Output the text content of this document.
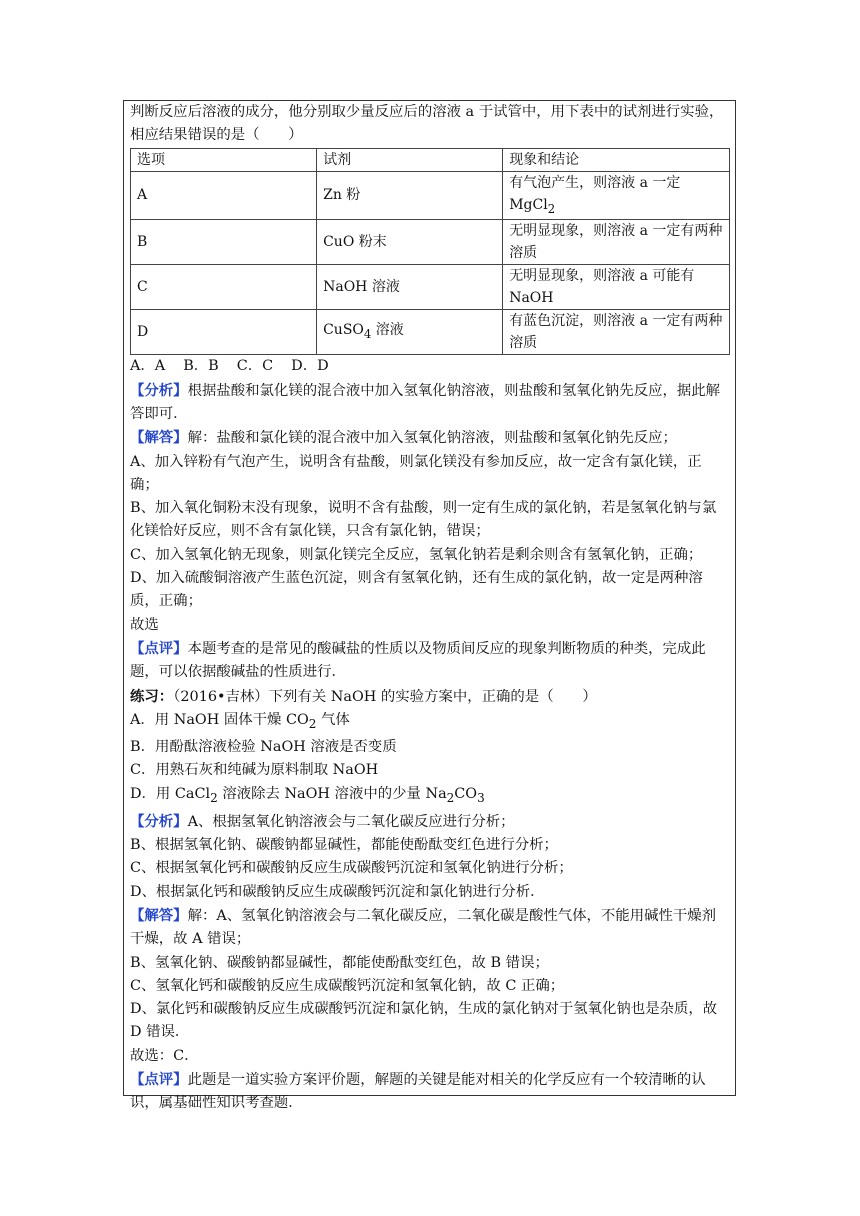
判断反应后溶液的成分，他分别取少量反应后的溶液 a 于试管中，用下表中的试剂进行实验，

相应结果错误的是（　　）

选项	试剂	现象和结论
A	Zn 粉	有气泡产生，则溶液 a 一定 MgCl$_2$
B	CuO 粉末	无明显现象，则溶液 a 一定有两种溶质
C	NaOH 溶液	无明显现象，则溶液 a 可能有 NaOH
D	CuSO$_4$ 溶液	有蓝色沉淀，则溶液 a 一定有两种溶质

A．A B．B C．C D．D

【分析】根据盐酸和氯化镁的混合液中加入氢氧化钠溶液，则盐酸和氢氧化钠先反应，据此解答即可．

【解答】解：盐酸和氯化镁的混合液中加入氢氧化钠溶液，则盐酸和氢氧化钠先反应；

A、加入锌粉有气泡产生，说明含有盐酸，则氯化镁没有参加反应，故一定含有氯化镁，正确；

B、加入氧化铜粉末没有现象，说明不含有盐酸，则一定有生成的氯化钠，若是氢氧化钠与氯化镁恰好反应，则不含有氯化镁，只含有氯化钠，错误；

C、加入氢氧化钠无现象，则氯化镁完全反应，氢氧化钠若是剩余则含有氢氧化钠，正确；

D、加入硫酸铜溶液产生蓝色沉淀，则含有氢氧化钠，还有生成的氯化钠，故一定是两种溶质，正确；

故选

【点评】本题考查的是常见的酸碱盐的性质以及物质间反应的现象判断物质的种类，完成此题，可以依据酸碱盐的性质进行．

练习：（2016•吉林）下列有关 NaOH 的实验方案中，正确的是（　　）

A．用 NaOH 固体干燥 $CO_2$ 气体

B．用酚酞溶液检验 NaOH 溶液是否变质

C．用熟石灰和纯碱为原料制取 NaOH

D．用 CaCl$_2$ 溶液除去 NaOH 溶液中的少量 $Na_2CO_3$

【分析】A、根据氢氧化钠溶液会与二氧化碳反应进行分析；

B、根据氢氧化钠、碳酸钠都显碱性，都能使酚酞变红色进行分析；

C、根据氢氧化钙和碳酸钠反应生成碳酸钙沉淀和氢氧化钠进行分析；

D、根据氯化钙和碳酸钠反应生成碳酸钙沉淀和氯化钠进行分析．

【解答】解：A、氢氧化钠溶液会与二氧化碳反应，二氧化碳是酸性气体，不能用碱性干燥剂干燥，故 A 错误；

B、氢氧化钠、碳酸钠都显碱性，都能使酚酞变红色，故 B 错误；

C、氢氧化钙和碳酸钠反应生成碳酸钙沉淀和氢氧化钠，故 C 正确；

D、氯化钙和碳酸钠反应生成碳酸钙沉淀和氯化钠，生成的氯化钠对于氢氧化钠也是杂质，故 D 错误．

故选：C．

【点评】此题是一道实验方案评价题，解题的关键是能对相关的化学反应有一个较清晰的认识，属基础性知识考查题．
